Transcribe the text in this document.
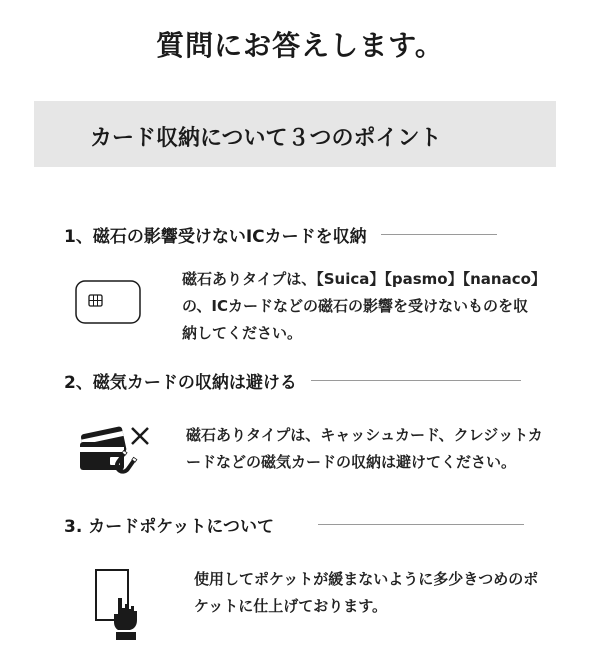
質問にお答えします。
カード収納について３つのポイント
1、磁石の影響受けないICカードを収納
磁石ありタイプは、【Suica】【pasmo】【nanaco】
の、ICカードなどの磁石の影響を受けないものを収
納してください。
2、磁気カードの収納は避ける
磁石ありタイプは、キャッシュカード、クレジットカ
ードなどの磁気カードの収納は避けてください。
3. カードポケットについて
使用してポケットが緩まないように多少きつめのポ
ケットに仕上げております。
